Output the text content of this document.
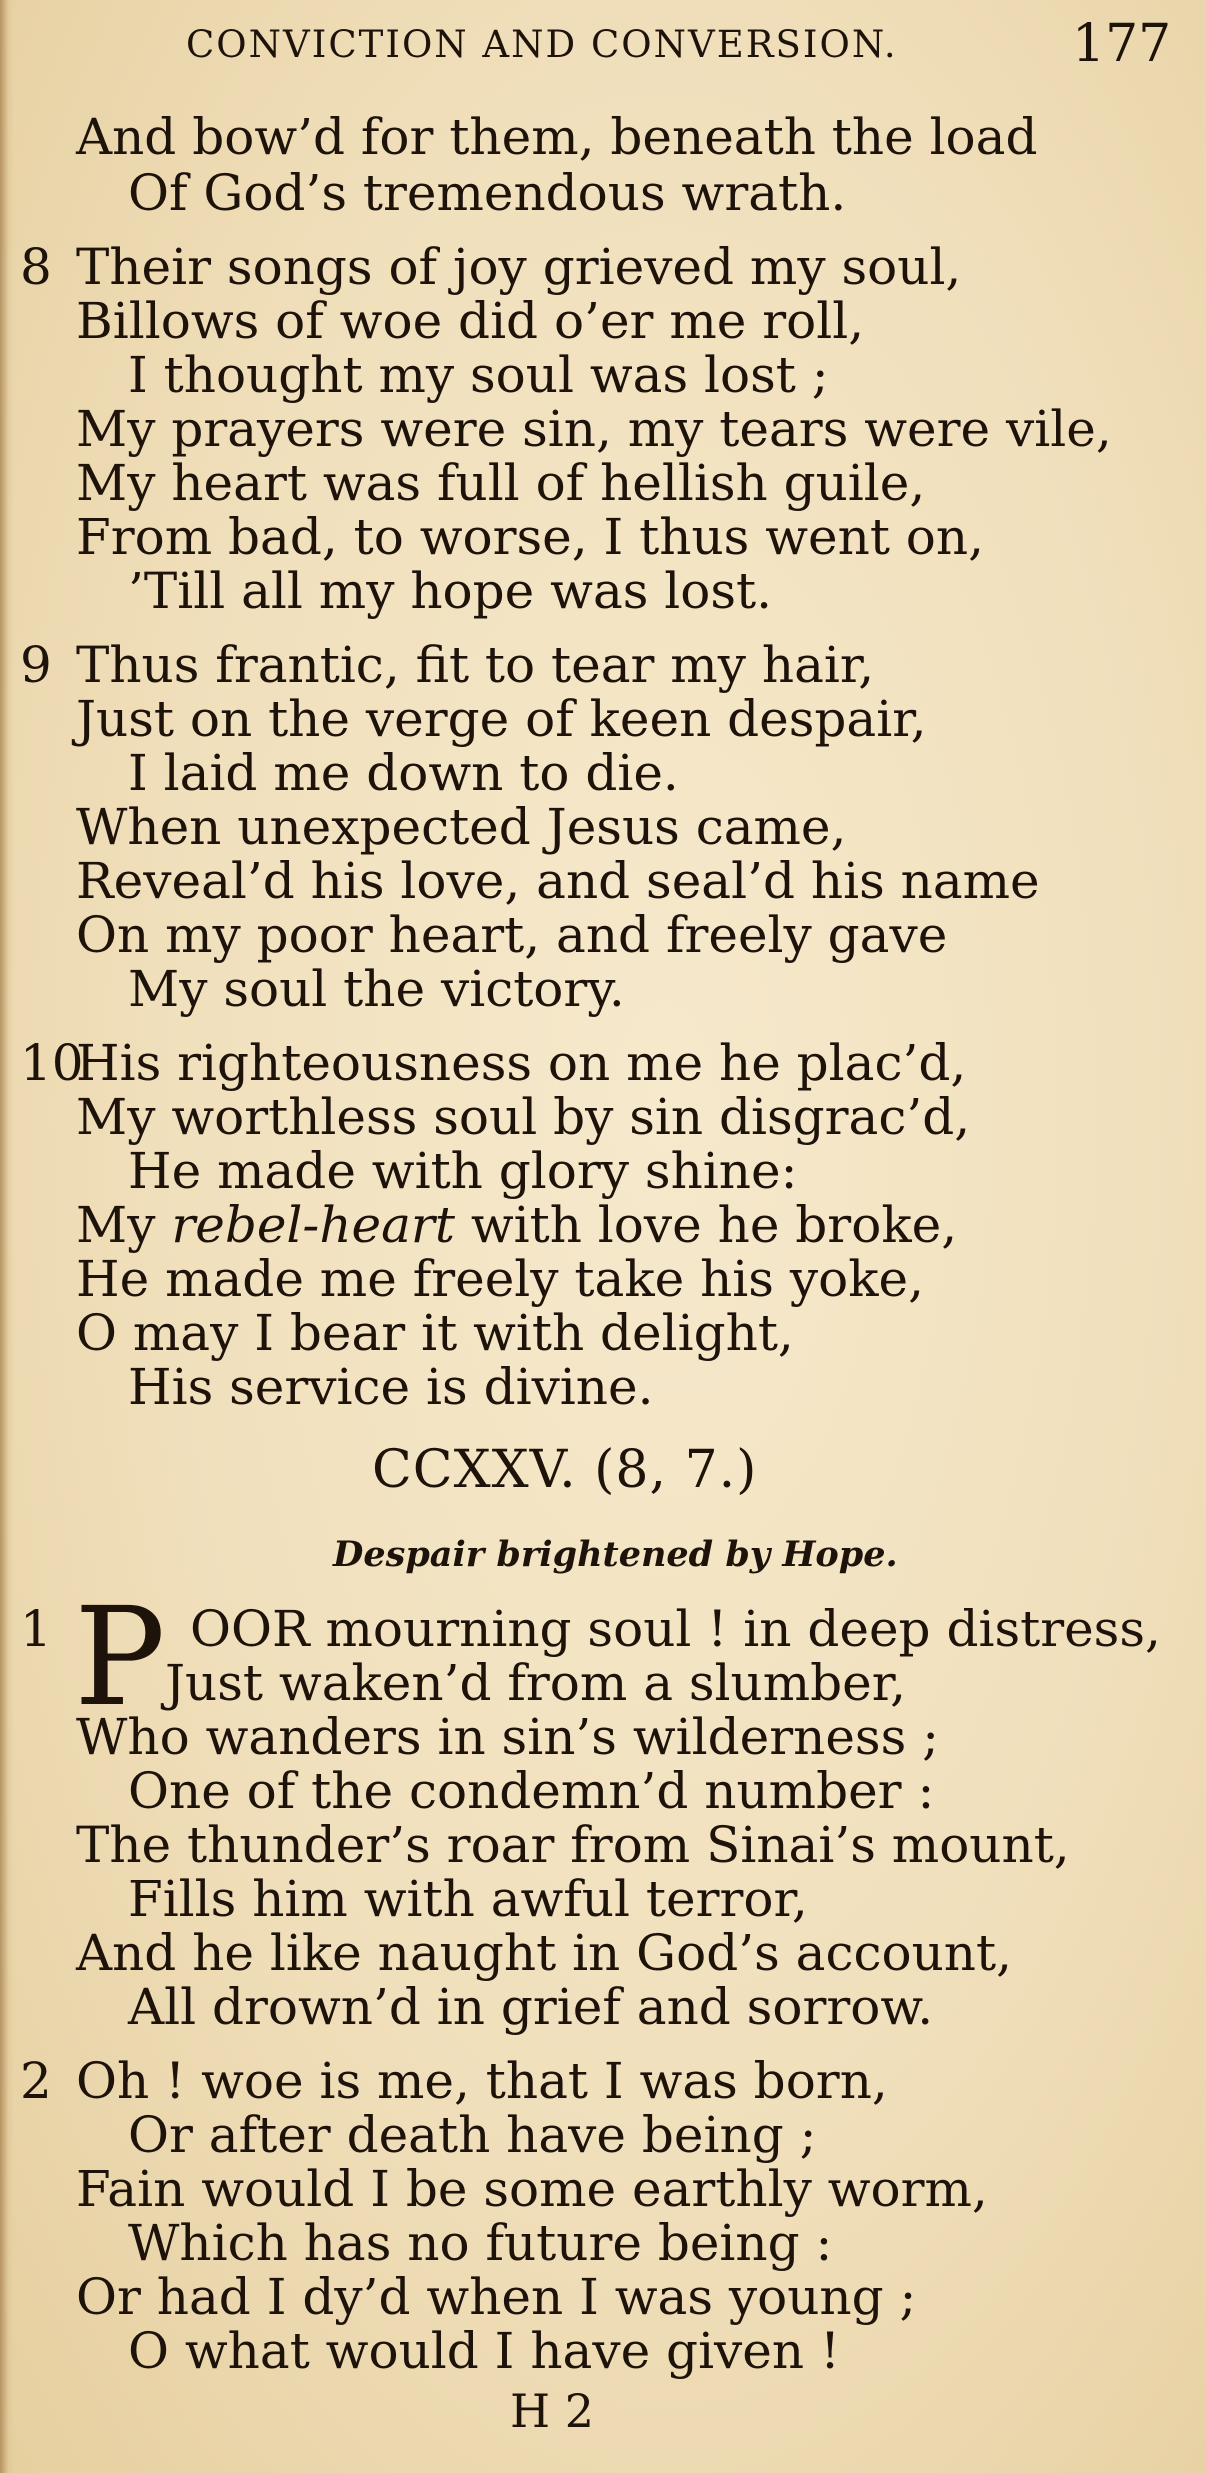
CONVICTION AND CONVERSION.	177
And bow’d for them, beneath the load
Of God’s tremendous wrath.
8 Their songs of joy grieved my soul,
Billows of woe did o’er me roll,
I thought my soul was lost ;
My prayers were sin, my tears were vile,
My heart was full of hellish guile,
From bad, to worse, I thus went on,
’Till all my hope was lost.
9 Thus frantic, fit to tear my hair,
Just on the verge of keen despair,
I laid me down to die.
When unexpected Jesus came,
Reveal’d his love, and seal’d his name
On my poor heart, and freely gave
My soul the victory.
10
His righteousness on me he plac’d,
My worthless soul by sin disgrac’d,
He made with glory shine:
My rebel-heart with love he broke,
He made me freely take his yoke,
O may I bear it with delight,
His service is divine.
CCXXV. (8, 7.)
Despair brightened by Hope.
1 P OOR mourning soul ! in deep distress,
Just waken’d from a slumber,
Who wanders in sin’s wilderness ;
One of the condemn’d number :
The thunder’s roar from Sinai’s mount,
Fills him with awful terror,
And he like naught in God’s account,
All drown’d in grief and sorrow.
2 Oh ! woe is me, that I was born,
Or after death have being ;
Fain would I be some earthly worm,
Which has no future being :
Or had I dy’d when I was young ;
O what would I have given !
H 2
